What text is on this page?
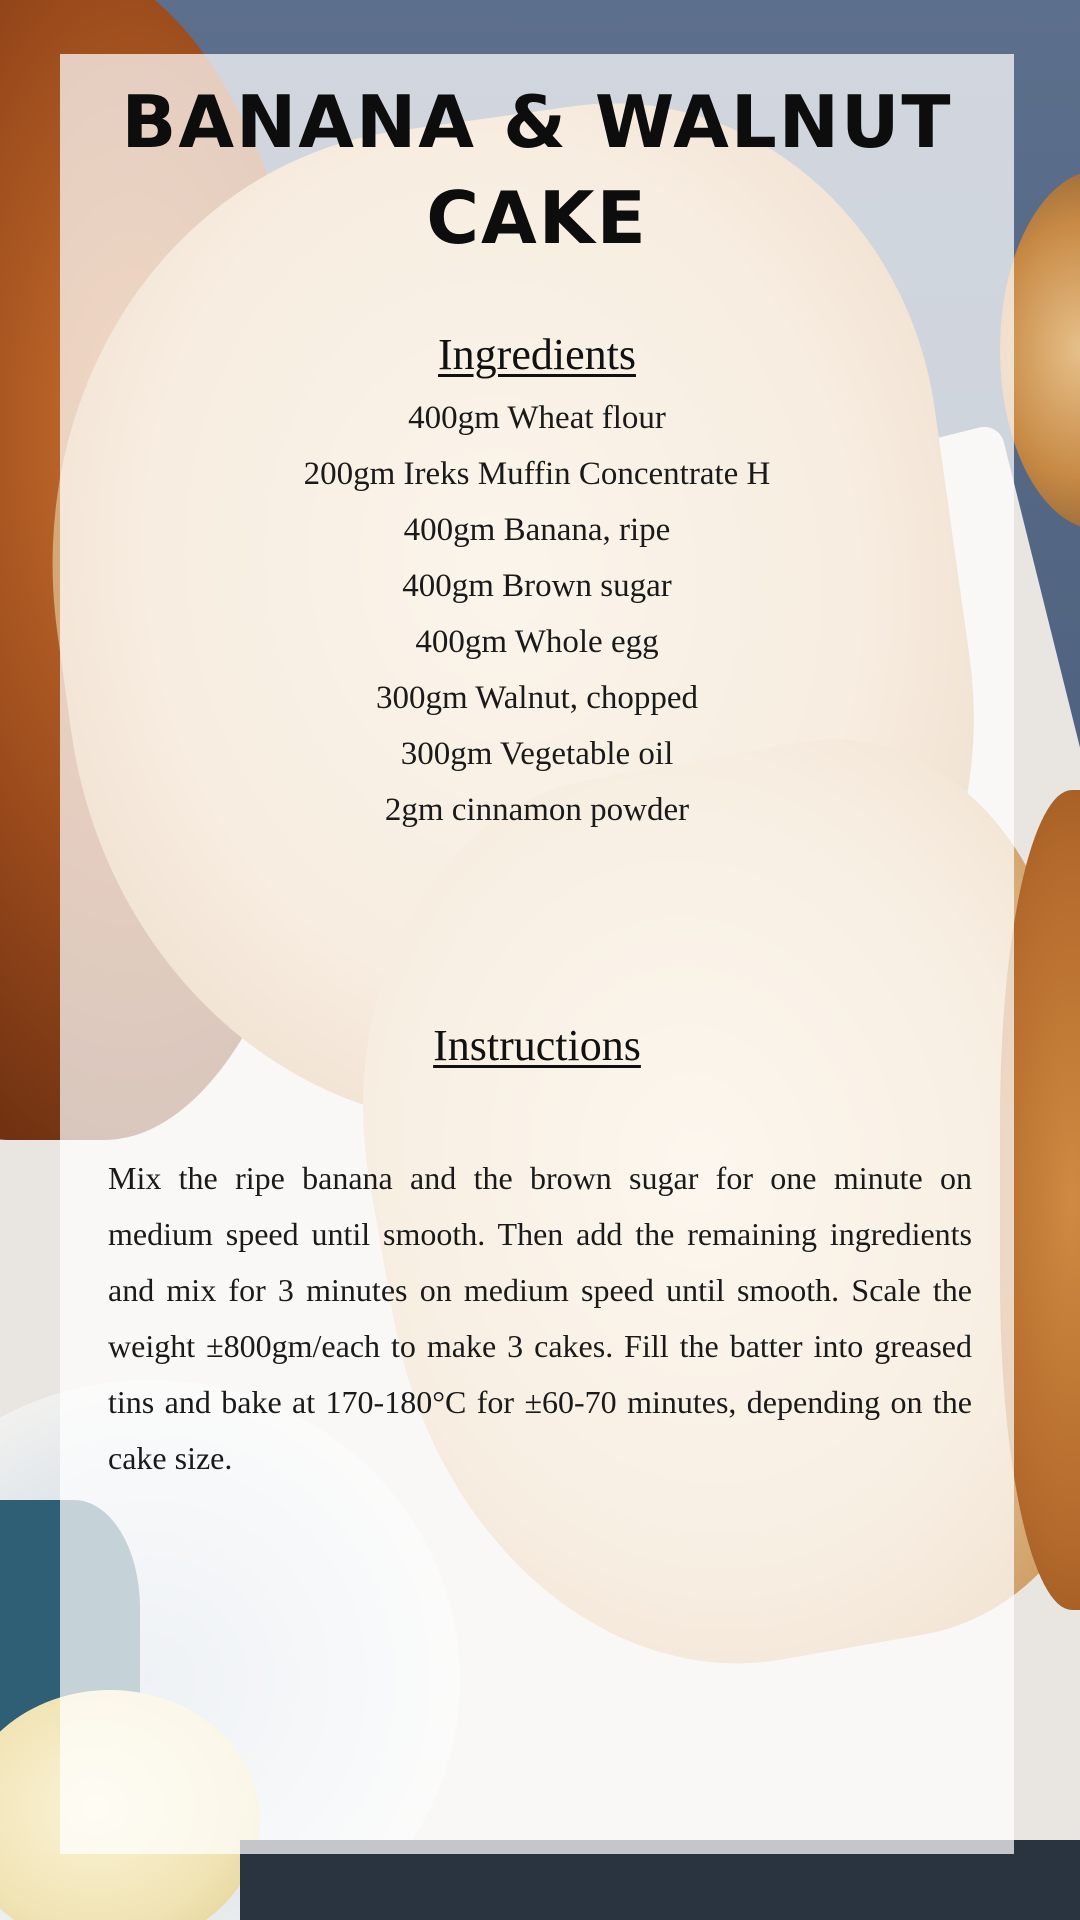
BANANA & WALNUT
CAKE
Ingredients
400gm Wheat flour
200gm Ireks Muffin Concentrate H
400gm Banana, ripe
400gm Brown sugar
400gm Whole egg
300gm Walnut, chopped
300gm Vegetable oil
2gm cinnamon powder
Instructions

Mix the ripe banana and the brown sugar for one minute on medium speed until smooth. Then add the remaining ingredients and mix for 3 minutes on medium speed until smooth. Scale the weight ±800gm/each to make 3 cakes. Fill the batter into greased tins and bake at 170-180°C for ±60-70 minutes, depending on the cake size.
